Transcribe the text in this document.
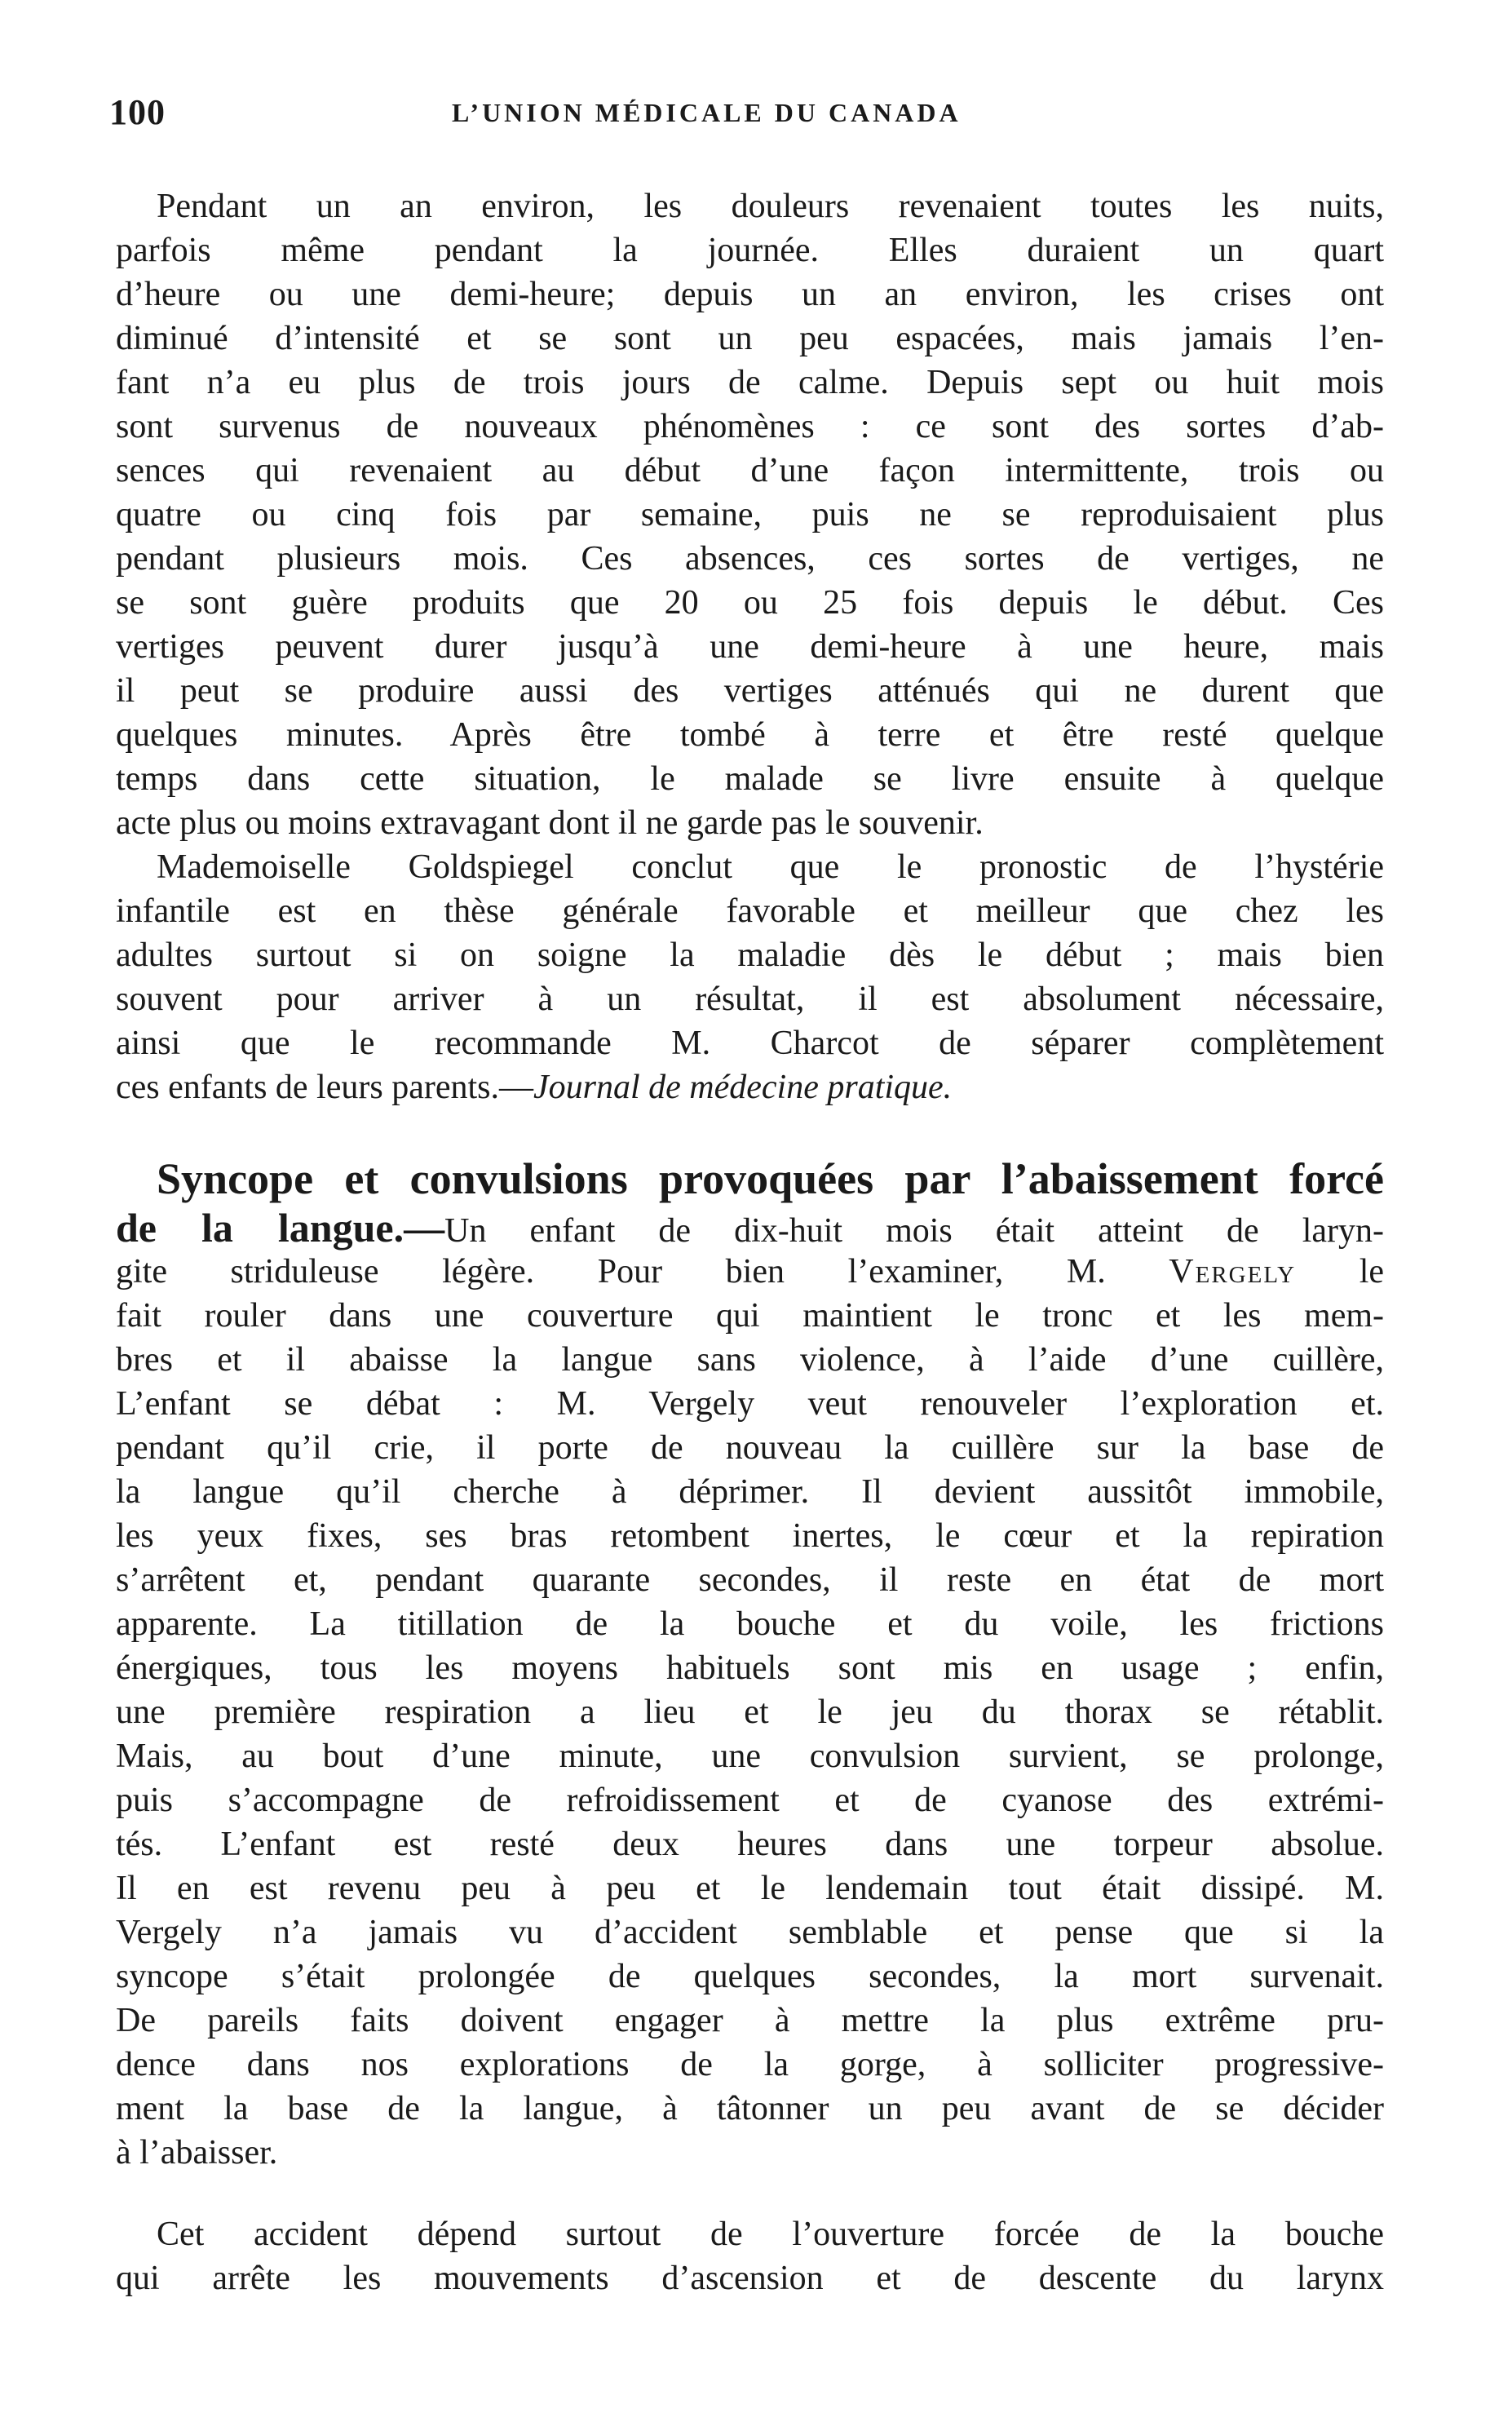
100	L’UNION MÉDICALE DU CANADA
Pendant un an environ, les douleurs revenaient toutes les nuits,
parfois même pendant la journée. Elles duraient un quart
d’heure ou une demi-heure; depuis un an environ, les crises ont
diminué d’intensité et se sont un peu espacées, mais jamais l’en-
fant n’a eu plus de trois jours de calme. Depuis sept ou huit mois
sont survenus de nouveaux phénomènes : ce sont des sortes d’ab-
sences qui revenaient au début d’une façon intermittente, trois ou
quatre ou cinq fois par semaine, puis ne se reproduisaient plus
pendant plusieurs mois. Ces absences, ces sortes de vertiges, ne
se sont guère produits que 20 ou 25 fois depuis le début. Ces
vertiges peuvent durer jusqu’à une demi-heure à une heure, mais
il peut se produire aussi des vertiges atténués qui ne durent que
quelques minutes. Après être tombé à terre et être resté quelque
temps dans cette situation, le malade se livre ensuite à quelque
acte plus ou moins extravagant dont il ne garde pas le souvenir.
Mademoiselle Goldspiegel conclut que le pronostic de l’hystérie
infantile est en thèse générale favorable et meilleur que chez les
adultes surtout si on soigne la maladie dès le début ; mais bien
souvent pour arriver à un résultat, il est absolument nécessaire,
ainsi que le recommande M. Charcot de séparer complètement
ces enfants de leurs parents.—Journal de médecine pratique.
Syncope et convulsions provoquées par l’abaissement forcé
de la langue.—Un enfant de dix-huit mois était atteint de laryn-
gite striduleuse légère. Pour bien l’examiner, M. Vergely le
fait rouler dans une couverture qui maintient le tronc et les mem-
bres et il abaisse la langue sans violence, à l’aide d’une cuillère,
L’enfant se débat : M. Vergely veut renouveler l’exploration et.
pendant qu’il crie, il porte de nouveau la cuillère sur la base de
la langue qu’il cherche à déprimer. Il devient aussitôt immobile,
les yeux fixes, ses bras retombent inertes, le cœur et la repiration
s’arrêtent et, pendant quarante secondes, il reste en état de mort
apparente. La titillation de la bouche et du voile, les frictions
énergiques, tous les moyens habituels sont mis en usage ; enfin,
une première respiration a lieu et le jeu du thorax se rétablit.
Mais, au bout d’une minute, une convulsion survient, se prolonge,
puis s’accompagne de refroidissement et de cyanose des extrémi-
tés. L’enfant est resté deux heures dans une torpeur absolue.
Il en est revenu peu à peu et le lendemain tout était dissipé. M.
Vergely n’a jamais vu d’accident semblable et pense que si la
syncope s’était prolongée de quelques secondes, la mort survenait.
De pareils faits doivent engager à mettre la plus extrême pru-
dence dans nos explorations de la gorge, à solliciter progressive-
ment la base de la langue, à tâtonner un peu avant de se décider
à l’abaisser.
Cet accident dépend surtout de l’ouverture forcée de la bouche
qui arrête les mouvements d’ascension et de descente du larynx
